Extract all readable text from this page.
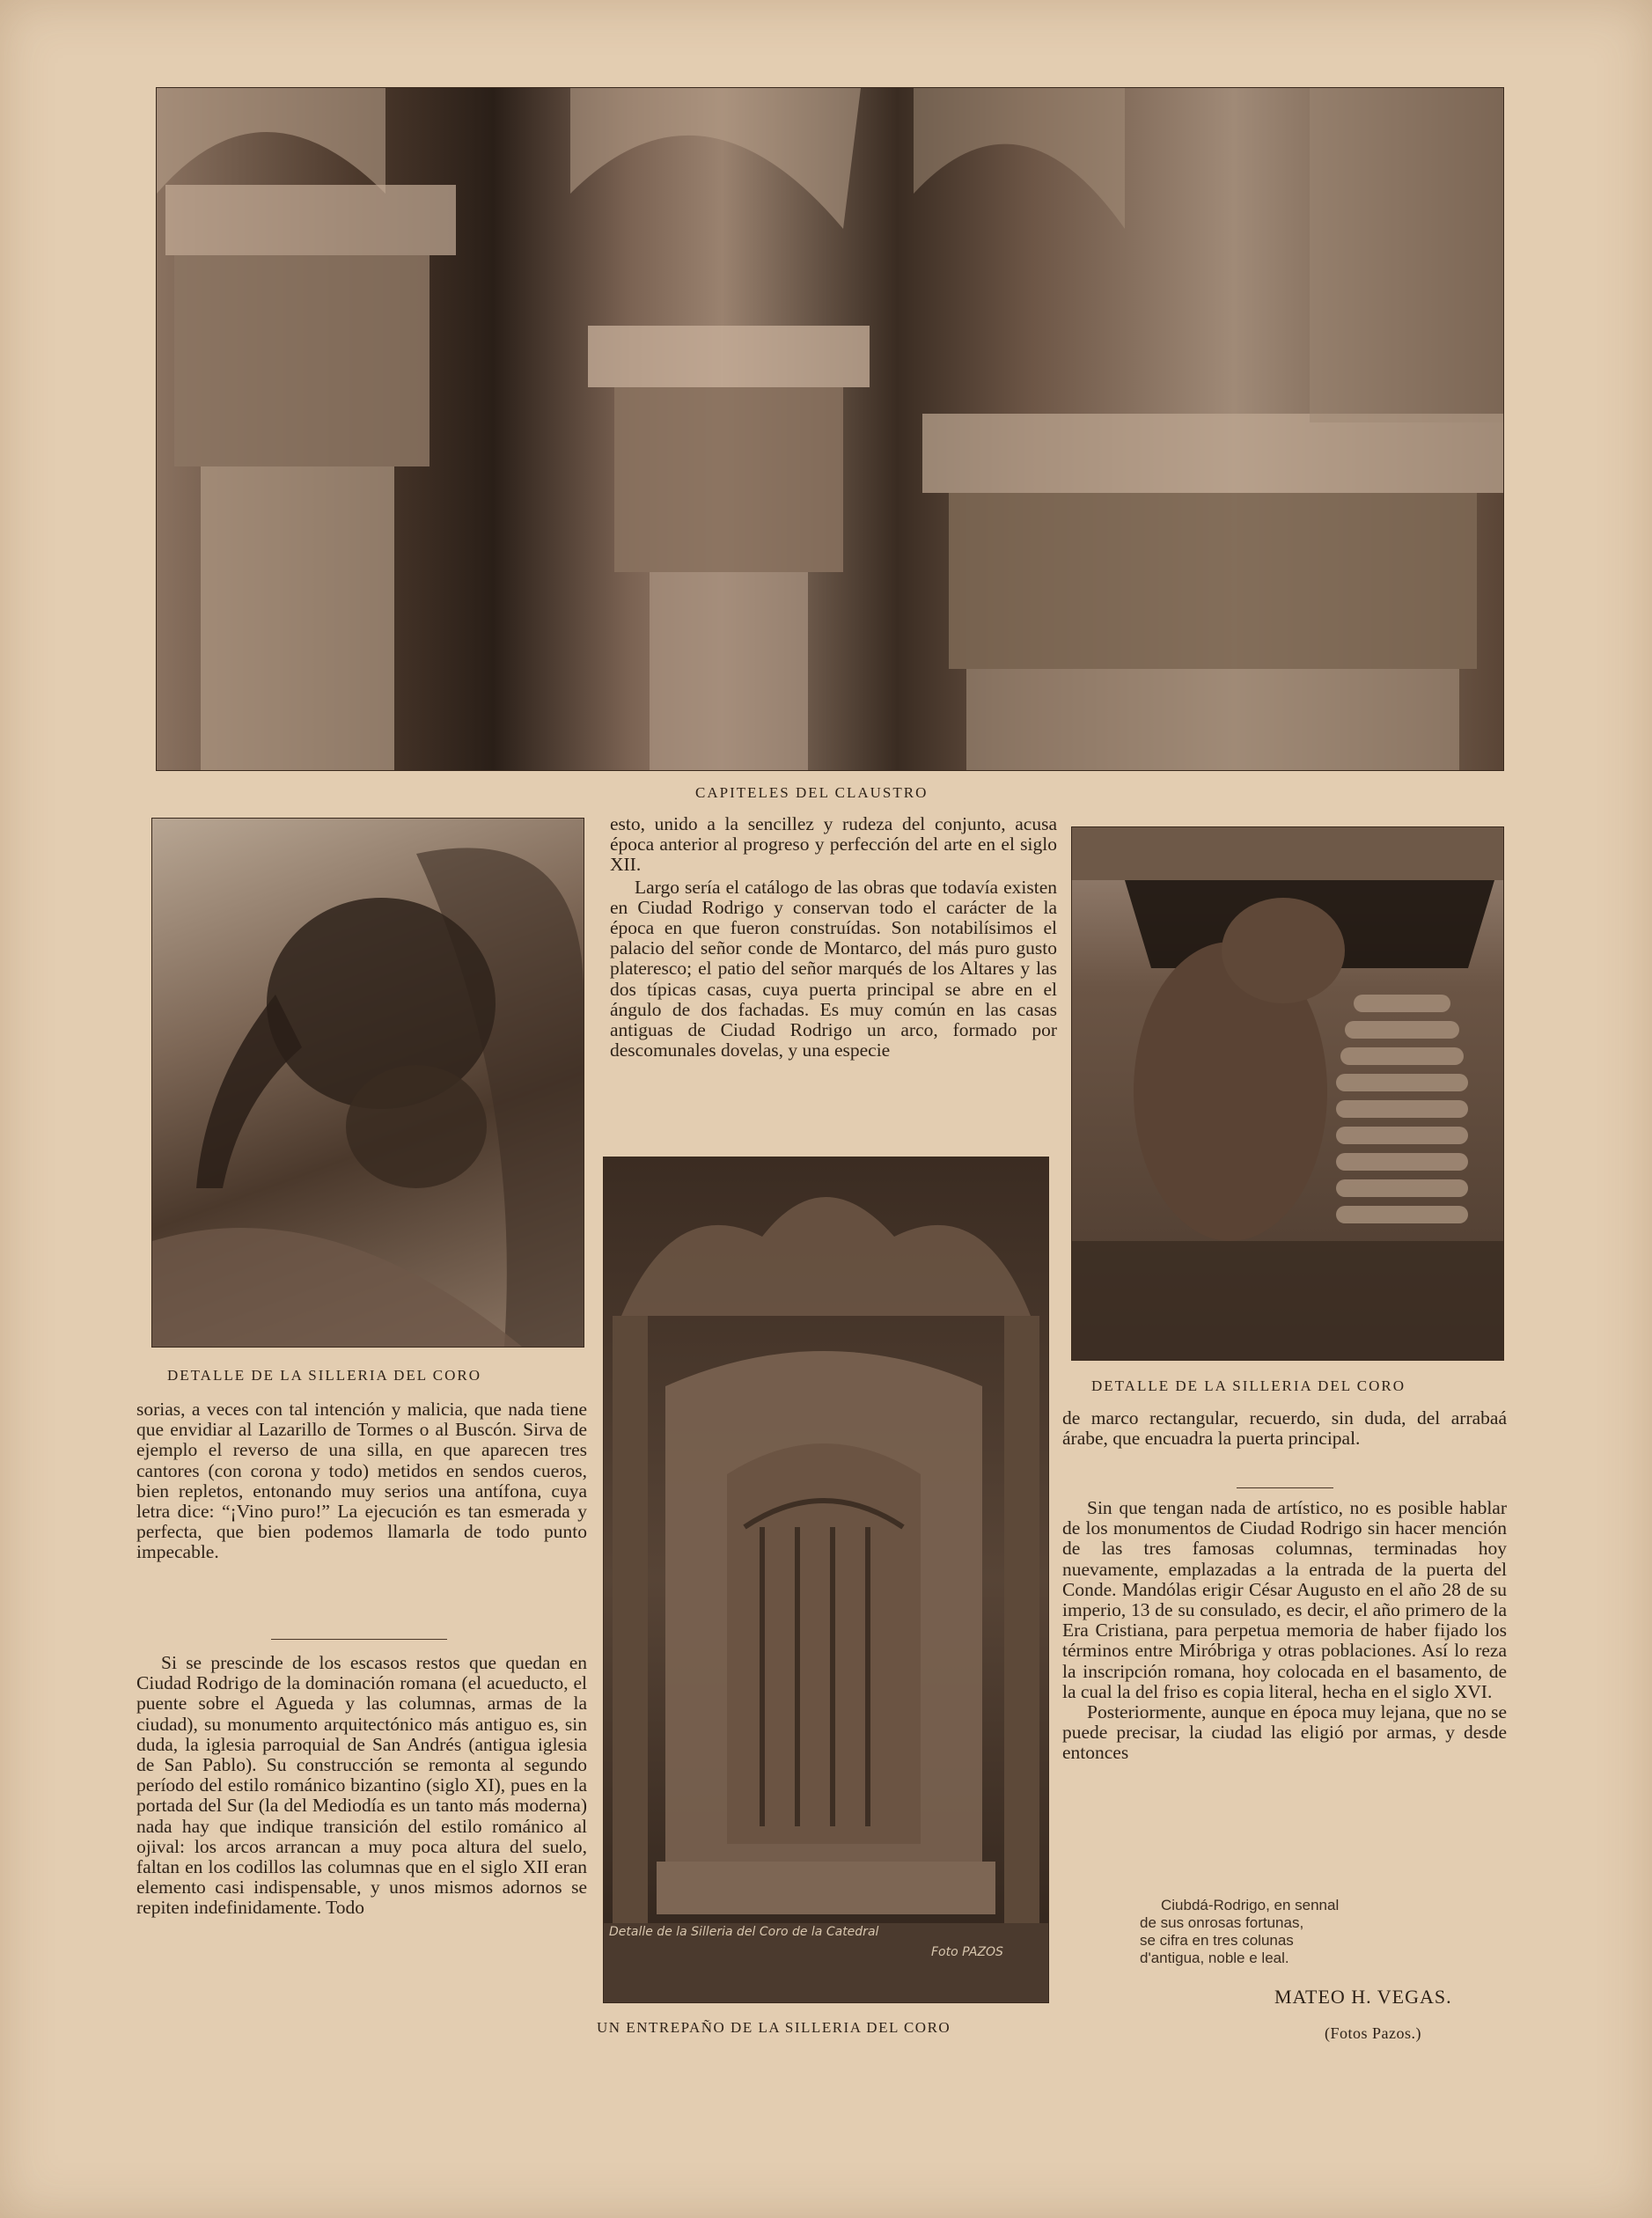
CAPITELES DEL CLAUSTRO
DETALLE DE LA SILLERIA DEL CORO
DETALLE DE LA SILLERIA DEL CORO
Detalle de la Silleria del Coro de la Catedral
Foto PAZOS
UN ENTREPAÑO DE LA SILLERIA DEL CORO

esto, unido a la sencillez y rudeza del conjunto, acusa época anterior al progreso y perfección del arte en el siglo XII.

Largo sería el catálogo de las obras que todavía existen en Ciudad Rodrigo y conservan todo el carácter de la época en que fueron construídas. Son notabilísimos el palacio del señor conde de Montarco, del más puro gusto plateresco; el patio del señor marqués de los Altares y las dos típicas casas, cuya puerta principal se abre en el ángulo de dos fachadas. Es muy común en las casas antiguas de Ciudad Rodrigo un arco, formado por descomunales dovelas, y una especie

sorias, a veces con tal intención y malicia, que nada tiene que envidiar al Lazarillo de Tormes o al Buscón. Sirva de ejemplo el reverso de una silla, en que aparecen tres cantores (con corona y todo) metidos en sendos cueros, bien repletos, entonando muy serios una antífona, cuya letra dice: “¡Vino puro!” La ejecución es tan esmerada y perfecta, que bien podemos llamarla de todo punto impecable.

Si se prescinde de los escasos restos que quedan en Ciudad Rodrigo de la dominación romana (el acueducto, el puente sobre el Agueda y las columnas, armas de la ciudad), su monumento arquitectónico más antiguo es, sin duda, la iglesia parroquial de San Andrés (antigua iglesia de San Pablo). Su construcción se remonta al segundo período del estilo románico bizantino (siglo XI), pues en la portada del Sur (la del Mediodía es un tanto más moderna) nada hay que indique transición del estilo románico al ojival: los arcos arrancan a muy poca altura del suelo, faltan en los codillos las columnas que en el siglo XII eran elemento casi indispensable, y unos mismos adornos se repiten indefinidamente. Todo

de marco rectangular, recuerdo, sin duda, del arrabaá árabe, que encuadra la puerta principal.

Sin que tengan nada de artístico, no es posible hablar de los monumentos de Ciudad Rodrigo sin hacer mención de las tres famosas columnas, terminadas hoy nuevamente, emplazadas a la entrada de la puerta del Conde. Mandólas erigir César Augusto en el año 28 de su imperio, 13 de su consulado, es decir, el año primero de la Era Cristiana, para perpetua memoria de haber fijado los términos entre Miróbriga y otras poblaciones. Así lo reza la inscripción romana, hoy colocada en el basamento, de la cual la del friso es copia literal, hecha en el siglo XVI.

Posteriormente, aunque en época muy lejana, que no se puede precisar, la ciudad las eligió por armas, y desde entonces

Ciubdá-Rodrigo, en sennal
de sus onrosas fortunas,
se cifra en tres colunas
d'antigua, noble e leal.
MATEO H. VEGAS.
(Fotos Pazos.)
